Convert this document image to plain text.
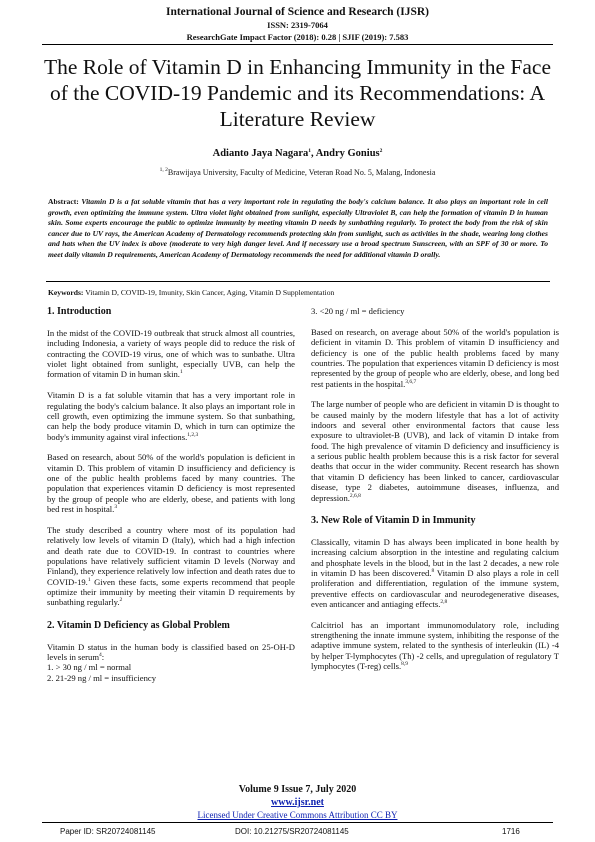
International Journal of Science and Research (IJSR)
ISSN: 2319-7064
ResearchGate Impact Factor (2018): 0.28 | SJIF (2019): 7.583
The Role of Vitamin D in Enhancing Immunity in the Face of the COVID-19 Pandemic and its Recommendations: A Literature Review
Adianto Jaya Nagara$^1$, Andry Gonius$^2$
$^{1, 2}$Brawijaya University, Faculty of Medicine, Veteran Road No. 5, Malang, Indonesia
Abstract: Vitamin D is a fat soluble vitamin that has a very important role in regulating the body's calcium balance. It also plays an important role in cell growth, even optimizing the immune system. Ultra violet light obtained from sunlight, especially Ultraviolet B, can help the formation of vitamin D in human skin. Some experts encourage the public to optimize immunity by meeting vitamin D needs by sunbathing regularly. To protect the body from the risk of skin cancer due to UV rays, the American Academy of Dermatology recommends protecting skin from sunlight, such as activities in the shade, wearing long clothes and hats when the UV index is above (moderate to very high danger level. And if necessary use a broad spectrum Sunscreen, with an SPF of 30 or more. To meet daily vitamin D requirements, American Academy of Dermatology recommends the need for additional vitamin D orally.
Keywords: Vitamin D, COVID-19, Imunity, Skin Cancer, Aging, Vitamin D Supplementation
1. Introduction

In the midst of the COVID-19 outbreak that struck almost all countries, including Indonesia, a variety of ways people did to reduce the risk of contracting the COVID-19 virus, one of which was to sunbathe. Ultra violet light obtained from sunlight, especially UVB, can help the formation of vitamin D in human skin.$^1$

Vitamin D is a fat soluble vitamin that has a very important role in regulating the body's calcium balance. It also plays an important role in cell growth, even optimizing the immune system. So that sunbathing, can help the body produce vitamin D, which in turn can optimize the body's immunity against viral infections.$^{1,2,3}$

Based on research, about 50% of the world's population is deficient in vitamin D. This problem of vitamin D insufficiency and deficiency is one of the public health problems faced by many countries. The population that experiences vitamin D deficiency is most represented by the group of people who are elderly, obese, and patients with long bed rest in hospital.$^3$

The study described a country where most of its population had relatively low levels of vitamin D (Italy), which had a high infection and death rate due to COVID-19. In contrast to countries where populations have relatively sufficient vitamin D levels (Norway and Finland), they experience relatively low infection and death rates due to COVID-19.$^1$ Given these facts, some experts recommend that people optimize their immunity by meeting their vitamin D requirements by sunbathing regularly.$^2$

2. Vitamin D Deficiency as Global Problem

Vitamin D status in the human body is classified based on 25-OH-D levels in serum$^4$:

1. > 30 ng / ml = normal

2. 21-29 ng / ml = insufficiency

3. <20 ng / ml = deficiency

Based on research, on average about 50% of the world's population is deficient in vitamin D. This problem of vitamin D insufficiency and deficiency is one of the public health problems faced by many countries. The population that experiences vitamin D deficiency is most represented by the group of people who are elderly, obese, and long bed rest patients in the hospital.$^{3,6,7}$

The large number of people who are deficient in vitamin D is thought to be caused mainly by the modern lifestyle that has a lot of activity indoors and several other environmental factors that cause less exposure to ultraviolet-B (UVB), and lack of vitamin D intake from food. The high prevalence of vitamin D deficiency and insufficiency is a serious public health problem because this is a risk factor for several deaths that occur in the wider community. Recent research has shown that vitamin D deficiency has been linked to cancer, cardiovascular disease, type 2 diabetes, autoimmune diseases, influenza, and depression.$^{2,6,8}$

3. New Role of Vitamin D in Immunity

Classically, vitamin D has always been implicated in bone health by increasing calcium absorption in the intestine and regulating calcium and phosphate levels in the blood, but in the last 2 decades, a new role in vitamin D has been discovered.$^8$ Vitamin D also plays a role in cell proliferation and differentiation, regulation of the immune system, preventive effects on cardiovascular and neurodegenerative diseases, even anticancer and antiaging effects.$^{2,8}$

Calcitriol has an important immunomodulatory role, including strengthening the innate immune system, inhibiting the response of the adaptive immune system, related to the synthesis of interleukin (IL) -4 by helper T-lymphocytes (Th) -2 cells, and upregulation of regulatory T lymphocytes (T-reg) cells.$^{8,9}$

Volume 9 Issue 7, July 2020
www.ijsr.net
Licensed Under Creative Commons Attribution CC BY
Paper ID: SR20724081145	DOI: 10.21275/SR20724081145	1716
